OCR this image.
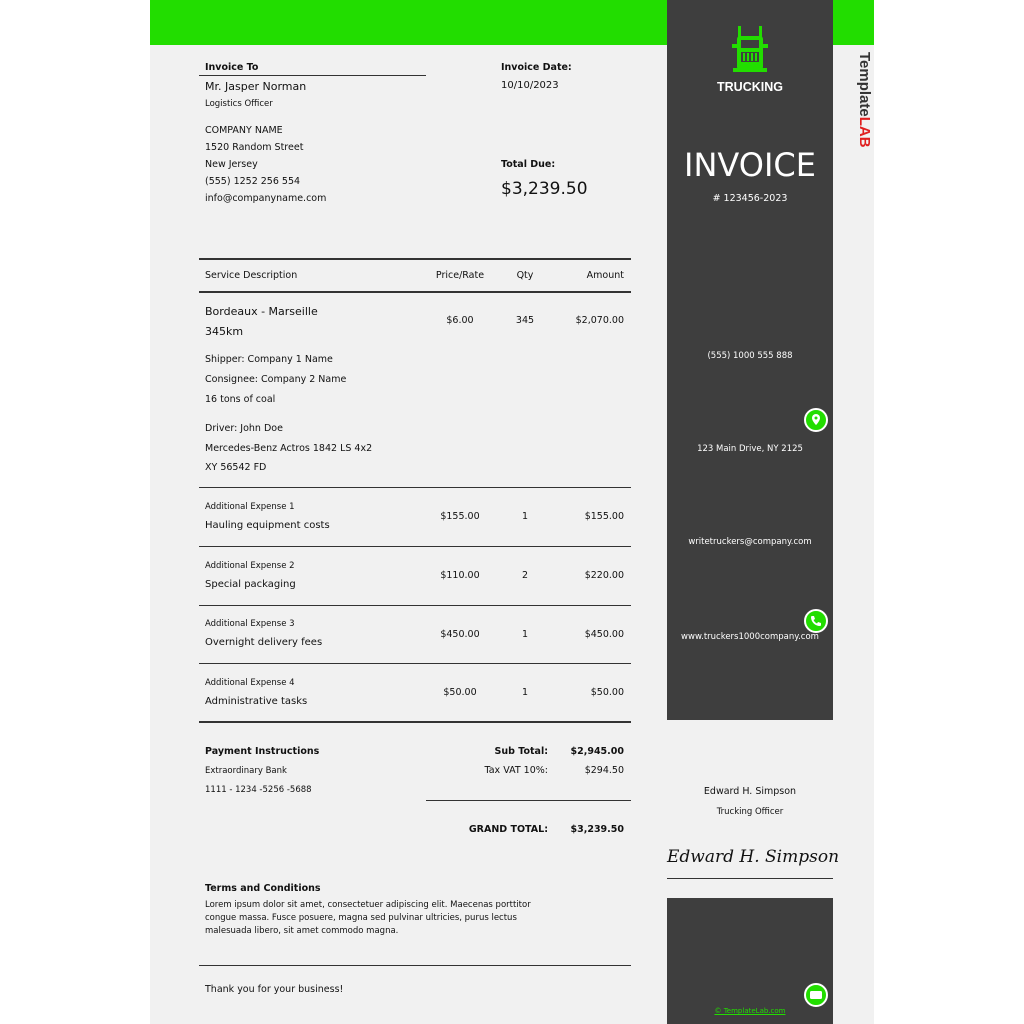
TemplateLAB
TRUCKING
INVOICE
# 123456-2023
Invoice To
Mr. Jasper Norman
Logistics Officer
COMPANY NAME
1520 Random Street
New Jersey
(555) 1252 256 554
info@companyname.com
Invoice Date:
10/10/2023
Total Due:
$3,239.50
Service Description	Price/Rate	Qty	Amount
Bordeaux - Marseille
345km
$6.00	345	$2,070.00
Shipper: Company 1 Name
Consignee: Company 2 Name
16 tons of coal
Driver: John Doe
Mercedes-Benz Actros 1842 LS 4x2
XY 56542 FD
Additional Expense 1
Hauling equipment costs
$155.00	1	$155.00
Additional Expense 2
Special packaging
$110.00	2	$220.00
Additional Expense 3
Overnight delivery fees
$450.00	1	$450.00
Additional Expense 4
Administrative tasks
$50.00	1	$50.00
Payment Instructions
Extraordinary Bank
1111 - 1234 -5256 -5688
Sub Total:	$2,945.00
Tax VAT 10%:	$294.50
GRAND TOTAL:	$3,239.50
Terms and Conditions
Lorem ipsum dolor sit amet, consectetuer adipiscing elit. Maecenas porttitor congue massa. Fusce posuere, magna sed pulvinar ultricies, purus lectus malesuada libero, sit amet commodo magna.
Thank you for your business!
(555) 1000 555 888
123 Main Drive, NY 2125
writetruckers@company.com
www.truckers1000company.com
Edward H. Simpson
Trucking Officer
Edward H. Simpson
© TemplateLab.com
